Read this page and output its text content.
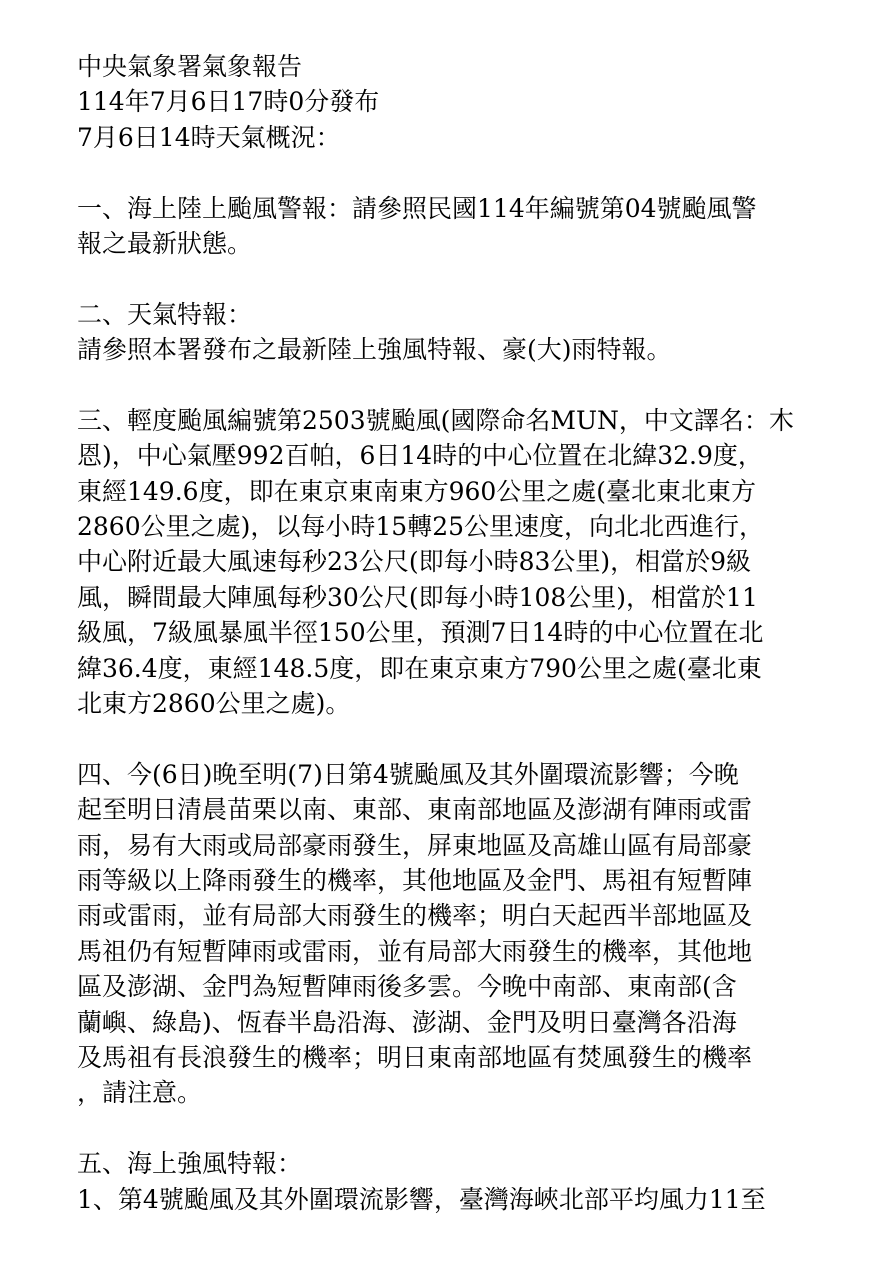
中央氣象署氣象報告
114年7月6日17時0分發布
7月6日14時天氣概況：
一、海上陸上颱風警報：請參照民國114年編號第04號颱風警
報之最新狀態。
二、天氣特報：
請參照本署發布之最新陸上強風特報、豪(大)雨特報。
三、輕度颱風編號第2503號颱風(國際命名MUN，中文譯名：木
恩)，中心氣壓992百帕，6日14時的中心位置在北緯32.9度，
東經149.6度，即在東京東南東方960公里之處(臺北東北東方
2860公里之處)，以每小時15轉25公里速度，向北北西進行，
中心附近最大風速每秒23公尺(即每小時83公里)，相當於9級
風，瞬間最大陣風每秒30公尺(即每小時108公里)，相當於11
級風，7級風暴風半徑150公里，預測7日14時的中心位置在北
緯36.4度，東經148.5度，即在東京東方790公里之處(臺北東
北東方2860公里之處)。
四、今(6日)晚至明(7)日第4號颱風及其外圍環流影響；今晚
起至明日清晨苗栗以南、東部、東南部地區及澎湖有陣雨或雷
雨，易有大雨或局部豪雨發生，屏東地區及高雄山區有局部豪
雨等級以上降雨發生的機率，其他地區及金門、馬祖有短暫陣
雨或雷雨，並有局部大雨發生的機率；明白天起西半部地區及
馬祖仍有短暫陣雨或雷雨，並有局部大雨發生的機率，其他地
區及澎湖、金門為短暫陣雨後多雲。今晚中南部、東南部(含
蘭嶼、綠島)、恆春半島沿海、澎湖、金門及明日臺灣各沿海
及馬祖有長浪發生的機率；明日東南部地區有焚風發生的機率
，請注意。
五、海上強風特報：
1、第4號颱風及其外圍環流影響，臺灣海峽北部平均風力11至
